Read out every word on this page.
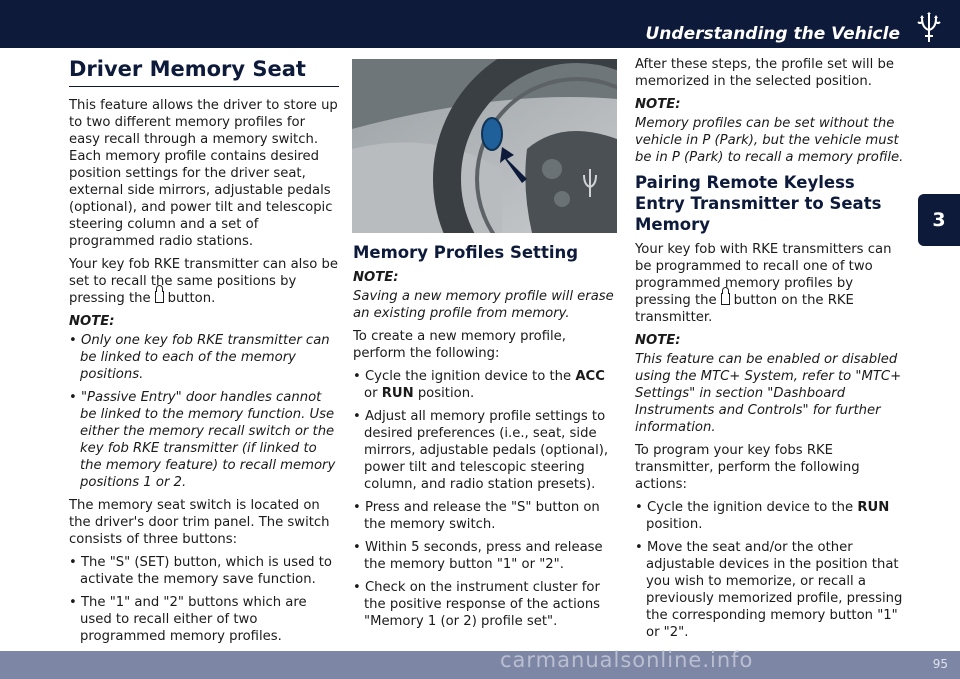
Understanding the Vehicle
3
Driver Memory Seat

This feature allows the driver to store up to two different memory profiles for easy recall through a memory switch. Each memory profile contains desired position settings for the driver seat, external side mirrors, adjustable pedals (optional), and power tilt and telescopic steering column and a set of programmed radio stations.

Your key fob RKE transmitter can also be set to recall the same positions by pressing the button.

NOTE:

• Only one key fob RKE transmitter can be linked to each of the memory positions.

• "Passive Entry" door handles cannot be linked to the memory function. Use either the memory recall switch or the key fob RKE transmitter (if linked to the memory feature) to recall memory positions 1 or 2.

The memory seat switch is located on the driver's door trim panel. The switch consists of three buttons:

• The "S" (SET) button, which is used to activate the memory save function.

• The "1" and "2" buttons which are used to recall either of two programmed memory profiles.

Memory Profiles Setting
NOTE:

Saving a new memory profile will erase an existing profile from memory.

To create a new memory profile, perform the following:

• Cycle the ignition device to the ACC or RUN position.

• Adjust all memory profile settings to desired preferences (i.e., seat, side mirrors, adjustable pedals (optional), power tilt and telescopic steering column, and radio station presets).

• Press and release the "S" button on the memory switch.

• Within 5 seconds, press and release the memory button "1" or "2".

• Check on the instrument cluster for the positive response of the actions "Memory 1 (or 2) profile set".

After these steps, the profile set will be memorized in the selected position.

NOTE:

Memory profiles can be set without the vehicle in P (Park), but the vehicle must be in P (Park) to recall a memory profile.

Pairing Remote Keyless Entry Transmitter to Seats Memory

Your key fob with RKE transmitters can be programmed to recall one of two programmed memory profiles by pressing the button on the RKE transmitter.

NOTE:

This feature can be enabled or disabled using the MTC+ System, refer to "MTC+ Settings" in section "Dashboard Instruments and Controls" for further information.

To program your key fobs RKE transmitter, perform the following actions:

• Cycle the ignition device to the RUN position.

• Move the seat and/or the other adjustable devices in the position that you wish to memorize, or recall a previously memorized profile, pressing the corresponding memory button "1" or "2".

carmanualsonline.info	95
